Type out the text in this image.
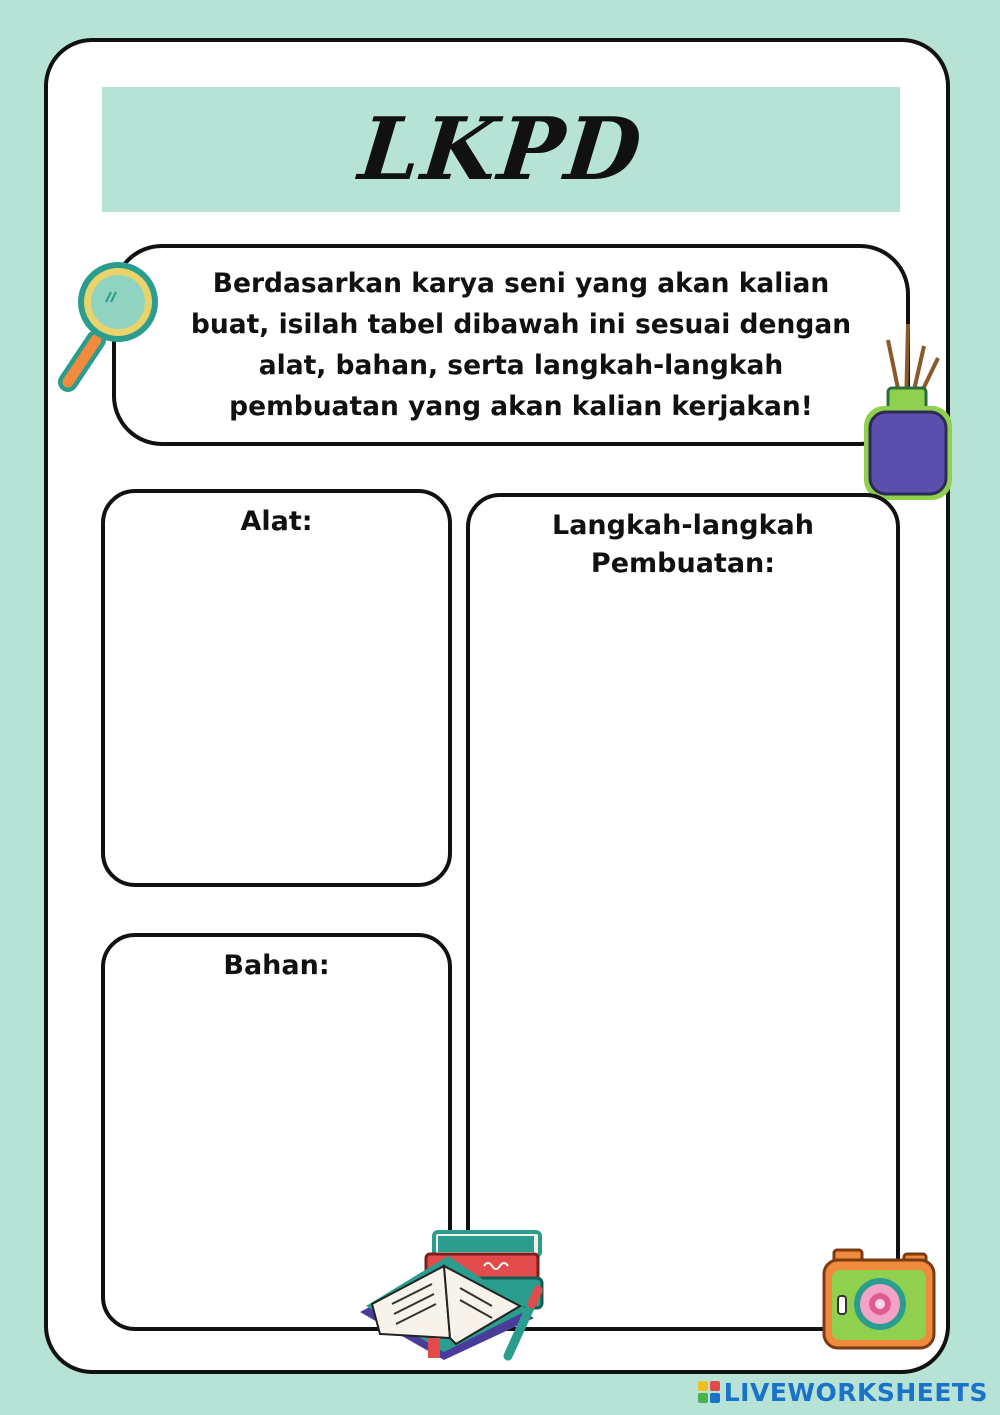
LKPD

Berdasarkan karya seni yang akan kalian buat, isilah tabel dibawah ini sesuai dengan alat, bahan, serta langkah-langkah pembuatan yang akan kalian kerjakan!

Alat:
Bahan:
Langkah-langkah
Pembuatan:
LIVEWORKSHEETS
